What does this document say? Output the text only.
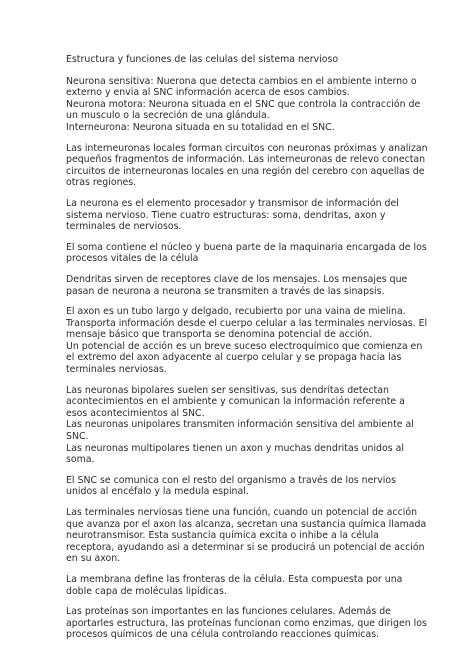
Estructura y funciones de las celulas del sistema nervioso
Neurona sensitiva: Nuerona que detecta cambios en el ambiente interno o
externo y envia al SNC información acerca de esos cambios.
Neurona motora: Neurona situada en el SNC que controla la contracción de
un musculo o la secreción de una glándula.
Interneurona: Neurona situada en su totalidad en el SNC.
Las interneuronas locales forman circuitos con neuronas próximas y analizan
pequeños fragmentos de información. Las interneuronas de relevo conectan
circuitos de interneuronas locales en una región del cerebro con aquellas de
otras regiones.
La neurona es el elemento procesador y transmisor de información del
sistema nervioso. Tiene cuatro estructuras: soma, dendritas, axon y
terminales de nerviosos.
El soma contiene el núcleo y buena parte de la maquinaria encargada de los
procesos vitales de la célula
Dendritas sirven de receptores clave de los mensajes. Los mensajes que
pasan de neurona a neurona se transmiten a través de las sinapsis.
El axon es un tubo largo y delgado, recubierto por una vaina de mielina.
Transporta información desde el cuerpo celular a las terminales nerviosas. El
mensaje básico que transporta se denomina potencial de acción.
Un potencial de acción es un breve suceso electroquímico que comienza en
el extremo del axon adyacente al cuerpo celular y se propaga hacia las
terminales nerviosas.
Las neuronas bipolares suelen ser sensitivas, sus dendritas detectan
acontecimientos en el ambiente y comunican la información referente a
esos acontecimientos al SNC.
Las neuronas unipolares transmiten información sensitiva del ambiente al
SNC.
Las neuronas multipolares tienen un axon y muchas dendritas unidos al
soma.
El SNC se comunica con el resto del organismo a través de los nervios
unidos al encéfalo y la medula espinal.
Las terminales nerviosas tiene una función, cuando un potencial de acción
que avanza por el axon las alcanza, secretan una sustancia química llamada
neurotransmisor. Esta sustancia química excita o inhibe a la célula
receptora, ayudando asi a determinar si se producirá un potencial de acción
en su axon.
La membrana define las fronteras de la célula. Esta compuesta por una
doble capa de moléculas lipídicas.
Las proteínas son importantes en las funciones celulares. Además de
aportarles estructura, las proteínas funcionan como enzimas, que dirigen los
procesos químicos de una célula controlando reacciones químicas.
